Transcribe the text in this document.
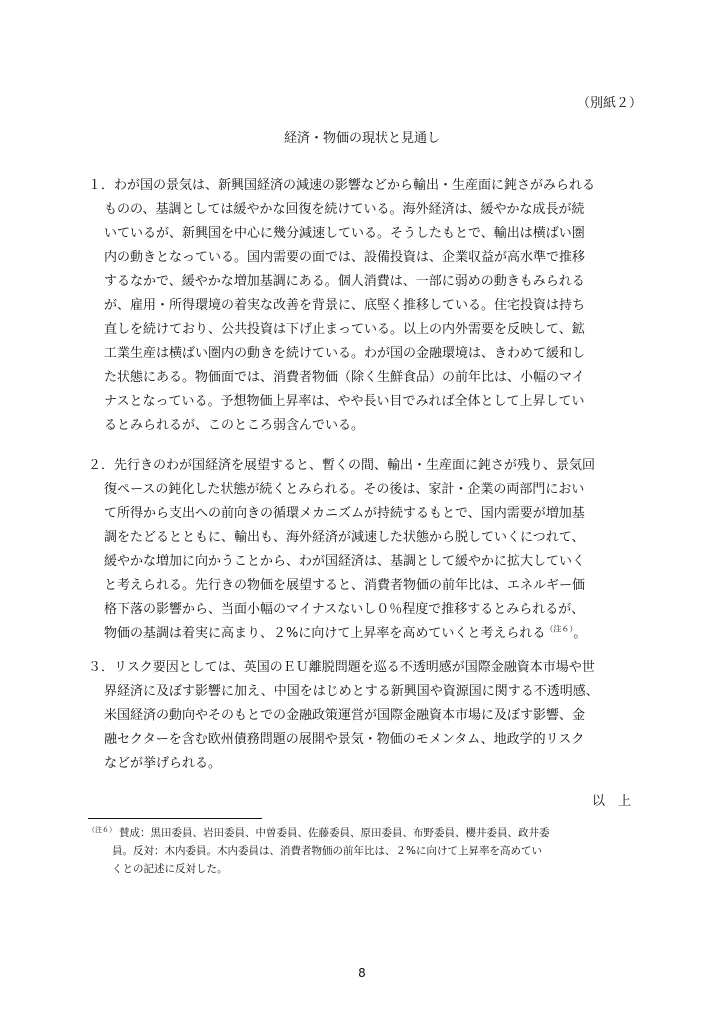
（別紙２）
経済・物価の現状と見通し
１．わが国の景気は、新興国経済の減速の影響などから輸出・生産面に鈍さがみられる
ものの、基調としては緩やかな回復を続けている。海外経済は、緩やかな成長が続
いているが、新興国を中心に幾分減速している。そうしたもとで、輸出は横ばい圏
内の動きとなっている。国内需要の面では、設備投資は、企業収益が高水準で推移
するなかで、緩やかな増加基調にある。個人消費は、一部に弱めの動きもみられる
が、雇用・所得環境の着実な改善を背景に、底堅く推移している。住宅投資は持ち
直しを続けており、公共投資は下げ止まっている。以上の内外需要を反映して、鉱
工業生産は横ばい圏内の動きを続けている。わが国の金融環境は、きわめて緩和し
た状態にある。物価面では、消費者物価（除く生鮮食品）の前年比は、小幅のマイ
ナスとなっている。予想物価上昇率は、やや長い目でみれば全体として上昇してい
るとみられるが、このところ弱含んでいる。
２．先行きのわが国経済を展望すると、暫くの間、輸出・生産面に鈍さが残り、景気回
復ペースの鈍化した状態が続くとみられる。その後は、家計・企業の両部門におい
て所得から支出への前向きの循環メカニズムが持続するもとで、国内需要が増加基
調をたどるとともに、輸出も、海外経済が減速した状態から脱していくにつれて、
緩やかな増加に向かうことから、わが国経済は、基調として緩やかに拡大していく
と考えられる。先行きの物価を展望すると、消費者物価の前年比は、エネルギー価
格下落の影響から、当面小幅のマイナスないし０％程度で推移するとみられるが、
物価の基調は着実に高まり、２%に向けて上昇率を高めていくと考えられる$^{(注6)}$。
３．リスク要因としては、英国のＥＵ離脱問題を巡る不透明感が国際金融資本市場や世
界経済に及ぼす影響に加え、中国をはじめとする新興国や資源国に関する不透明感、
米国経済の動向やそのもとでの金融政策運営が国際金融資本市場に及ぼす影響、金
融セクターを含む欧州債務問題の展開や景気・物価のモメンタム、地政学的リスク
などが挙げられる。
以　上
$^{(注6)}$ 賛成：黒田委員、岩田委員、中曽委員、佐藤委員、原田委員、布野委員、櫻井委員、政井委
員。反対：木内委員。木内委員は、消費者物価の前年比は、２%に向けて上昇率を高めてい
くとの記述に反対した。
8
